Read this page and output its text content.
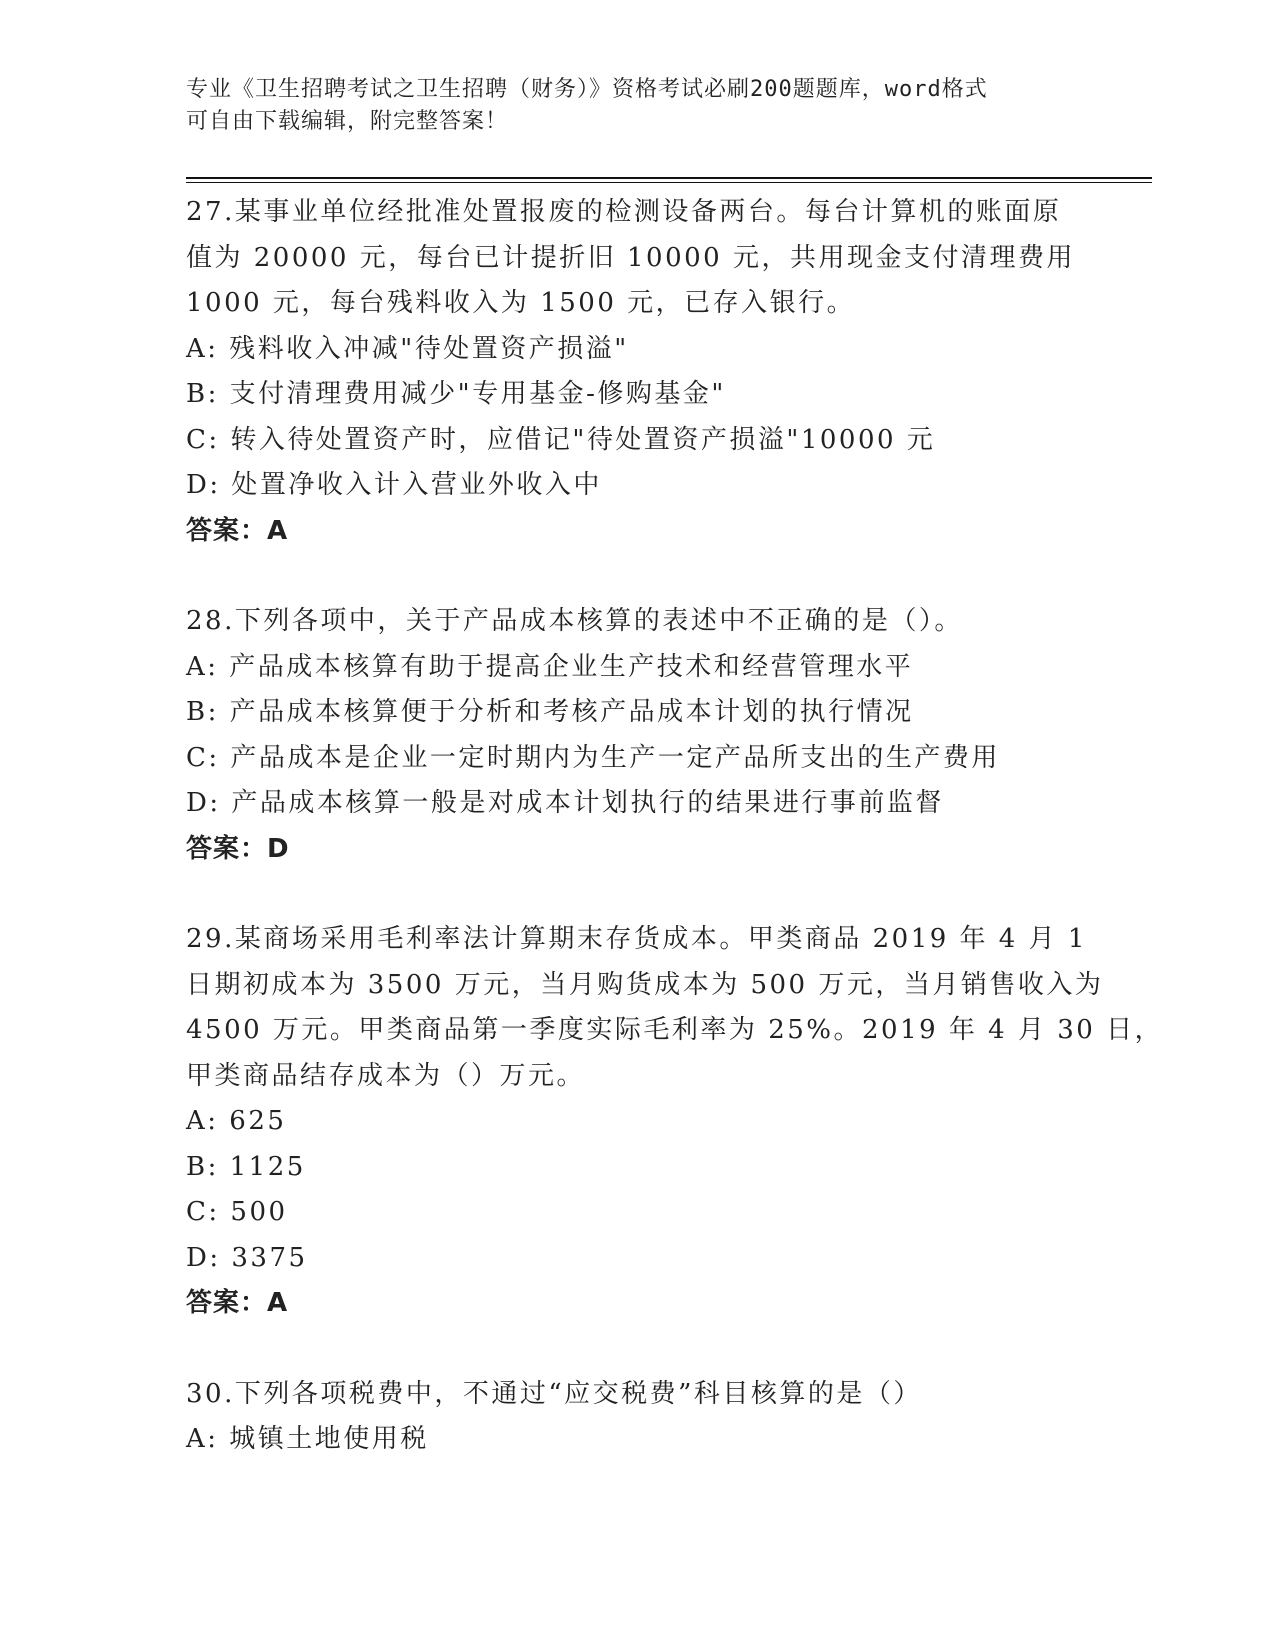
专业《卫生招聘考试之卫生招聘（财务）》资格考试必刷200题题库，word格式

可自由下载编辑，附完整答案！

27.某事业单位经批准处置报废的检测设备两台。每台计算机的账面原

值为 20000 元，每台已计提折旧 10000 元，共用现金支付清理费用

1000 元，每台残料收入为 1500 元，已存入银行。

A: 残料收入冲减"待处置资产损溢"

B: 支付清理费用减少"专用基金-修购基金"

C: 转入待处置资产时，应借记"待处置资产损溢"10000 元

D: 处置净收入计入营业外收入中

答案：A

28.下列各项中，关于产品成本核算的表述中不正确的是（）。

A: 产品成本核算有助于提高企业生产技术和经营管理水平

B: 产品成本核算便于分析和考核产品成本计划的执行情况

C: 产品成本是企业一定时期内为生产一定产品所支出的生产费用

D: 产品成本核算一般是对成本计划执行的结果进行事前监督

答案：D

29.某商场采用毛利率法计算期末存货成本。甲类商品 2019 年 4 月 1

日期初成本为 3500 万元，当月购货成本为 500 万元，当月销售收入为

4500 万元。甲类商品第一季度实际毛利率为 25%。2019 年 4 月 30 日，

甲类商品结存成本为（）万元。

A: 625

B: 1125

C: 500

D: 3375

答案：A

30.下列各项税费中，不通过“应交税费”科目核算的是（）

A: 城镇土地使用税
